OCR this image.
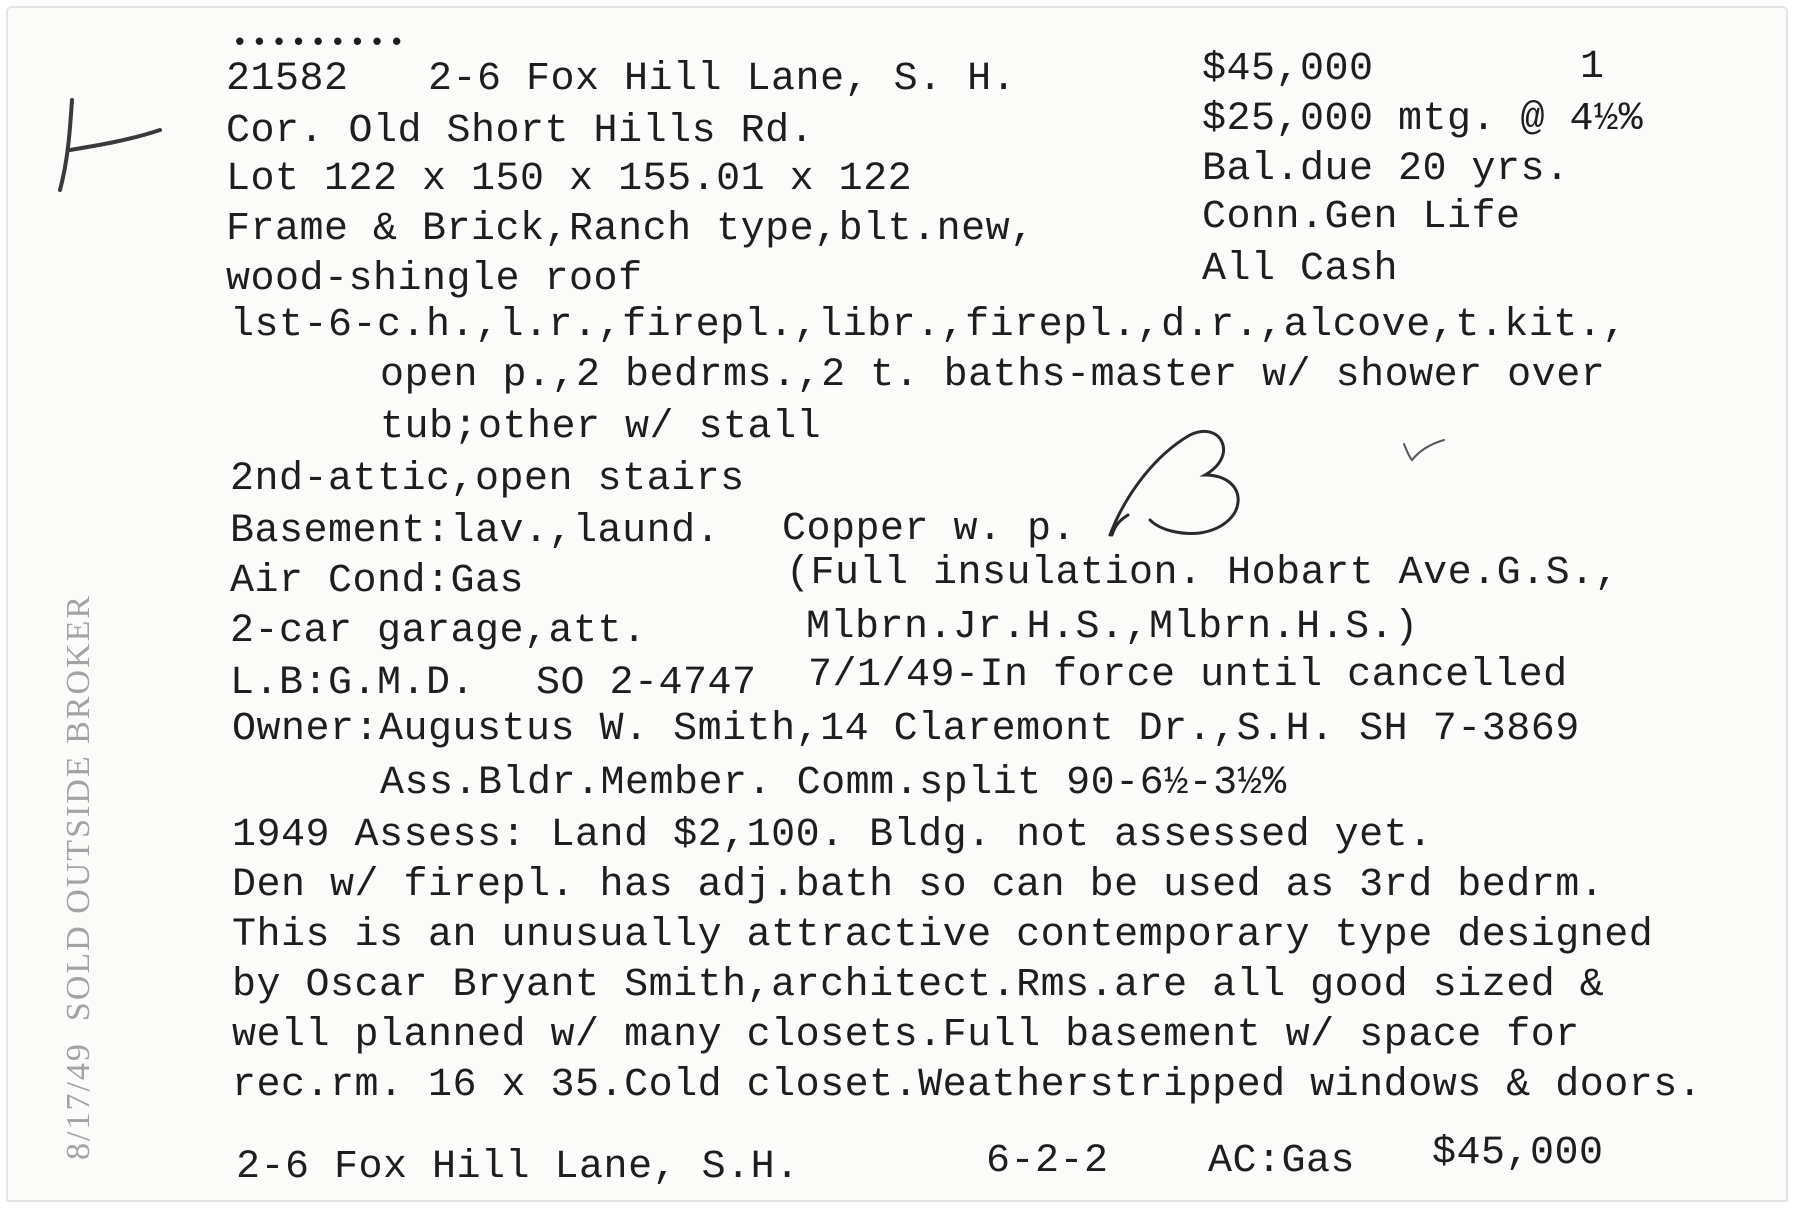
8/17/49  SOLD OUTSIDE BROKER
•••••••••
21582 2-6 Fox Hill Lane, S. H.	$45,000	1
Cor. Old Short Hills Rd.	$25,000 mtg. @ 4½%
Lot 122 x 150 x 155.01 x 122	Bal.due 20 yrs.
Frame & Brick,Ranch type,blt.new,	Conn.Gen Life
wood-shingle roof	All Cash
lst-6-c.h.,l.r.,firepl.,libr.,firepl.,d.r.,alcove,t.kit.,
open p.,2 bedrms.,2 t. baths-master w/ shower over
tub;other w/ stall
2nd-attic,open stairs
Basement:lav.,laund. Copper w. p.
Air Cond:Gas	(Full insulation. Hobart Ave.G.S.,
2-car garage,att.	Mlbrn.Jr.H.S.,Mlbrn.H.S.)
L.B:G.M.D. SO 2-4747 7/1/49-In force until cancelled
Owner:Augustus W. Smith,14 Claremont Dr.,S.H. SH 7-3869
Ass.Bldr.Member. Comm.split 90-6½-3½%
1949 Assess: Land $2,100. Bldg. not assessed yet.
Den w/ firepl. has adj.bath so can be used as 3rd bedrm.
This is an unusually attractive contemporary type designed
by Oscar Bryant Smith,architect.Rms.are all good sized &
well planned w/ many closets.Full basement w/ space for
rec.rm. 16 x 35.Cold closet.Weatherstripped windows & doors.
2-6 Fox Hill Lane, S.H.	6-2-2 AC:Gas $45,000
